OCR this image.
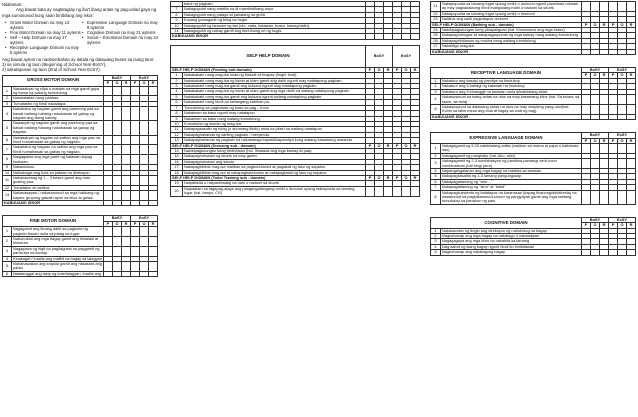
Nilalaman:

Ang bawat bata ay nagtataglay ng iba't ibang antas ng pag-unlad gaya ng mga sumusunod kung saan binibilang ang iskor:

• Gross Motor Domain na may 13 aytems
• Fine Motor Domain na may 11 aytems
• Self – Help Domain na may 27 aytems
• Receptive Language Domain na may 5 aytems
• Expressive Language Domain na may 8 aytems
• Cognitive Domain na may 21 aytems
• Social – Emotional Domain na may 24 aytems

Ang bawat aytem na naobserbahan ay itatala ng dalawang beses sa isang taon:

1) sa simula ng taon (Beginning of School Year-BoSY),

2) sakatapusan ng taon (End of School Year EoSY).

GROSS MOTOR DOMAIN		BoSY			EoSY		
		P	O	R	P	O	R
1	Nakaaakyat ng silya o mataas na mga gamit gaya ng kama na walang tumutulong.						
2	Nakalalakad nang paatras.						
3	Tumatakbo ng hindi nadadapa.						
4	Nakababa ng hagdan gamit ang parehong paa sa bawat baitang habang nakahawak sa gabay ng hagdan ang isang kamay.						
5	Naaakyat ng hagdan gamit ang parehong paa sa bawat baitang habang nakahawak sa gabay ng hagdan.						
6	Nakaaakyat ng hagdan na salitan ang mga paa na hindi humahawak sa gabay ng hagdan.						
7	Nakababa ng hagdan na salitan ang mga paa na hindi humahawak sa gabay ng hagdan.						
8	Naigagalaw ang mga parte ng katawan kapag inutusan.						
9	Nakalulukso.						
10	Naihahagis ang bola sa pataas na direksyon.						
11	Nakalulundag ng 1 – 3 beses gamit ang mas gusting paa.						
12	Tumatalon at umiikot.						
13	Nakasasayaw / nakasusunod sa mga hakbang ng sayaw, grupong gawain ayon sa kilos at galaw.						
KABUUANG ISKOR							
FINE MOTOR DOMAIN		BoSY			EoSY		
		P	O	R	P	O	R
1	Nagagamit ang limang daliri sa pagkuha ng pagkain,laruan mula sa patag na lugar.						
2	Nabubuklat ang mga bagay gamit ang hinlalaki at hintuturo.						
3	Nagagawa ng higit na pagkagusto sa paggamit ng particular na kamay.						
4	Kinakagat / inaalis ang mallilit na bagay sa lalagyan						
5	Nahahawakan ang krayola gamit ang nakasara ang palad.						
6	Natatanggal ang takip ng bote/lalagyan, inaalis ang						
	balot ng pagkain.						
7	Nakaguguhit nang mabilis na di maintindihang anyo.						
8	Nakaguguhit nang patayo at pahalang na guhit.						
9	Kusang gumuguhit ng bilog na hugis.						
10	Nakaguguhit ng larawan ng tao (ulo, mata, katawan, braso, kamay/daliri).						
11	Nakaguguhit ng bahay gamit ang iba't-ibang uri ng hugis.						
KABUUANG ISKOR							
SELF HELP DOMAIN		BoSY			EoSY		
SELF HELP DOMAIN (Feeding sub domain)		P	O	R	P	O	R
1	Nakakakain nang mag-isa lulad ng biskwit at tinapay (finger food).						
2	Nakakakain nang mag-isa ng kanin at ulam gamit ang daliri ngunit may natatapong pagkain.						
3	Nakakakain nang mag-isa gamit ang kutsara ngunit may natatapong pagkain.						
4	Nakakakain nang mag-isa ng kanin at ulam gamit ang mga daliri na walang natatapong pagkain.						
5	Nakakakain nang mag-isa gamit ang kutsara ngunit walang natatapong pagkain.						
6	Nakakakain nang hindi na kailangang sabihan pa.						
7	Tumutulong sa paghawak ng baso sa pag – inom						
8	Nakainom sa baso ngunit may natatapon						
9	Nakainom sa baso nang walang tumutulong.						
10	Kumukuha ng inumin ng mag-isa						
11	Nakapagsasalin ng tubig (o anumang likido) mula sa pitsel na walang natatapon.						
12	Nakapaghahanda ng sariling pagkain / meryenda.						
13	Nakapaghahanda ng pagkain na nakabahagi kapatid/kapamilya kung walang kasamang matanda						
SELF HELP DOMAIN (Dressing sub - domain)		P	O	R	P	O	R
14	Nakikipagtulungan kung binibihisan (hal. Itinataas ang mga kamay at paa).						
15	Nakapaghuhubad ng shorts na may garter.						
16	Nakapaghuhubad ang sando.						
17	Nakapagbibihis mag-isa maliban sa pagbubutones at pagtatali ng laso ng sapatos						
18	Nakapagbibihis mag-isa at nakapagbubutones at nakapagtatali ng laso ng sapatos						
SELF HELP DOMAIN (Toilet Training sub - domain)		P	O	R	P	O	R
19	Naipakikita o naipahhiwatig na nahi o nadumi sa shorts						
20	Naipaalam sa tagapag-alaga ang pangangailangang umihi o dumumi upang makapunta sa tamang lugar (hal. banyo, CR)						
21	Nakapupunta sa tamang lugar upang umihi o dumumi ngunit paminsan-minsan ay may pagkakataong hindi inabgiulang mahi o nadumi sa shorts						
22	Nakapupunta sa tamang lugar upang umihi o dumumi						
23	Naliiinis ang sarili pagkatapos dumumi						
SELF HELP DOMAIN (Bathing sub - domain)		P	O	R	P	O	R
24	Nakikipagtulungan kung pinapaliguan (hal. Kinukuskos ang mga braso)						
25	Nakapaghuhugas at nakapagpupunas ng mga kamay nang walang tumutulong						
26	Nakapaghihilamos ng mukha nang walang tumutulong						
27	Nakaliligo mag-isa						
KABUUANG ISKOR							
RECEPTIVE LANGUAGE DOMAIN		BoSY			EoSY		
		P	O	R	P	O	R
1	Nakaturo ang kasapi ng pamilya na tinutukoy.						
2	Nakaturo ang 5 bahagi ng katawan na tinutukoy.						
3	Nakaturo ang 5 binanggit na larawan mula ipinakikitang aklat.						
4	Nakasusunod sa isang antas na utos na may kasamang kilos (hal. Sa bulaw, sa tasim, sa bola)						
5	Nakasusunod sa dalawang antas na utos na may simpleng pang-ukol(hal. Kunin sa lalim mesa ang bola at ilagay sa loob ng bag).						
KABUUANG ISKOR							
EXPRESSIVE LANGUAGE DOMAIN		BoSY			EoSY		
		P	O	R	P	O	R
1	Nakagagamit ng 5 20 nakikilalang salita (maliban sa mama at papa o katinlulad nito)						
2	Nakagagamit ng panghalip (hal. Ako, akin)						
3	Nakagagamit ng 2-3 kombinasyon ng pandiwa-pantangi verb-noun combinations (hal.hingi pera)						
4	Napangangalanan ang mga bagay na nakikita sa larawan						
5	Nakapagsasalita ng 2-3 lamang pangungusap						
6	Nakapagtatanong ng "ano…"						
7	Nakapagtatanong ng "sino" at "bakit"						
8	Nakapagkukwento ng katatapos na karanasan (kapag tinanong/dinidirekta) na nasasunod sa pagkakasunod-sunod ng pangyayari gamit ang mga salitang tumutukoy sa panahon ng past						
COGNITIVE DOMAIN		BoSY			EoSY		
		P	O	R	P	O	R
1	Nakasundan ng tingin ang direksyon ng nahuhulog na bagay						
2	Naghahanap ang mga bagay na nakatago o nakatakpan						
3	Nagagagaya ang mga kilos na nakakita sa lamang						
4	Nag aabot ng isang bagay ngunit hindi ito binibitawan						
5	Naghahanap ang nakatagong bagay						
